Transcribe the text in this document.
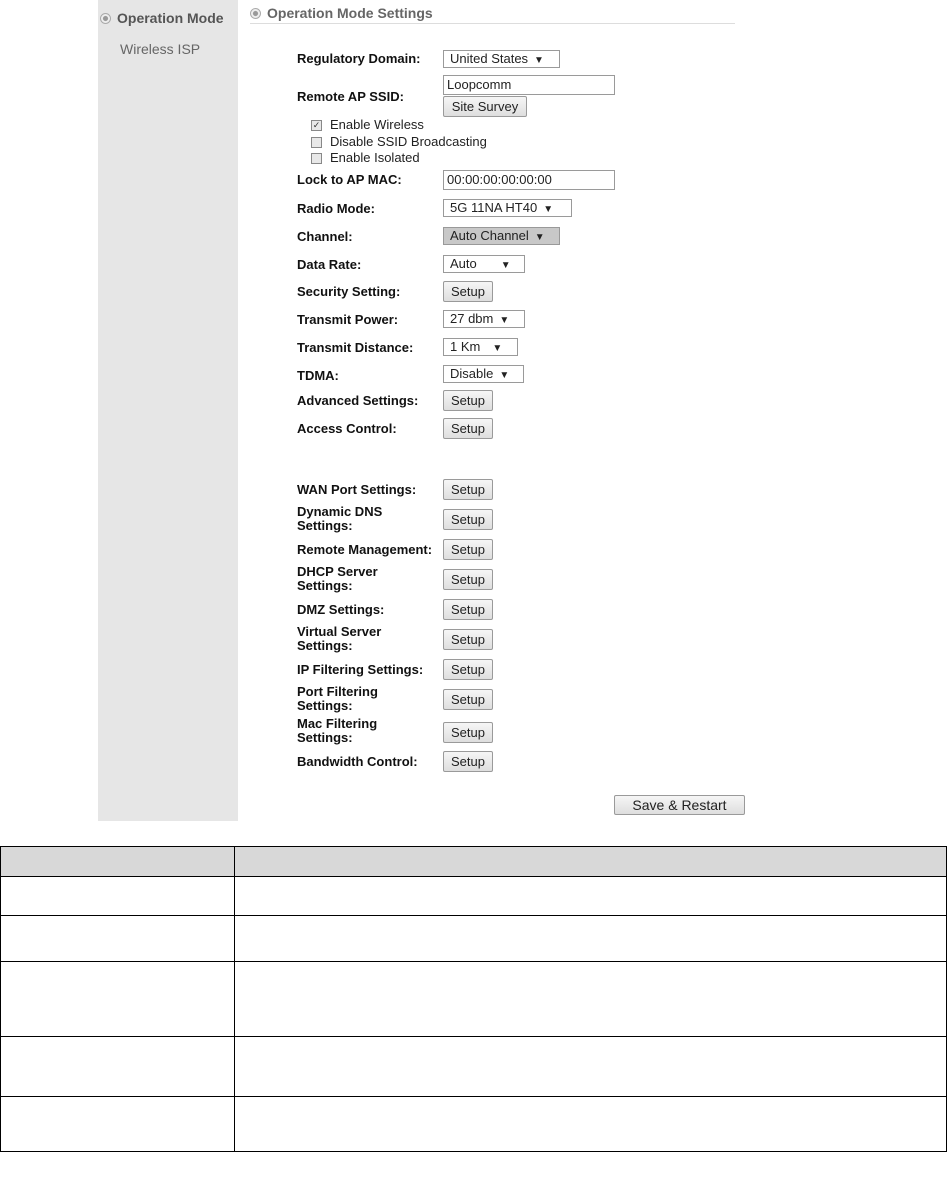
Operation Mode
Wireless ISP
Operation Mode Settings
Regulatory Domain:	United States ▼
Remote AP SSID:
Loopcomm
Site Survey
✓ Enable Wireless
Disable SSID Broadcasting
Enable Isolated
Lock to AP MAC:	00:00:00:00:00:00
Radio Mode:	5G 11NA HT40 ▼
Channel:	Auto Channel ▼
Data Rate:	Auto ▼
Security Setting:	Setup
Transmit Power:	27 dbm ▼
Transmit Distance:	1 Km ▼
TDMA:	Disable ▼
Advanced Settings:	Setup
Access Control:	Setup
WAN Port Settings:	Setup
Dynamic DNS
Settings:	Setup
Remote Management:	Setup
DHCP Server
Settings:	Setup
DMZ Settings:	Setup
Virtual Server
Settings:	Setup
IP Filtering Settings:	Setup
Port Filtering
Settings:	Setup
Mac Filtering
Settings:	Setup
Bandwidth Control:	Setup
Save & Restart
